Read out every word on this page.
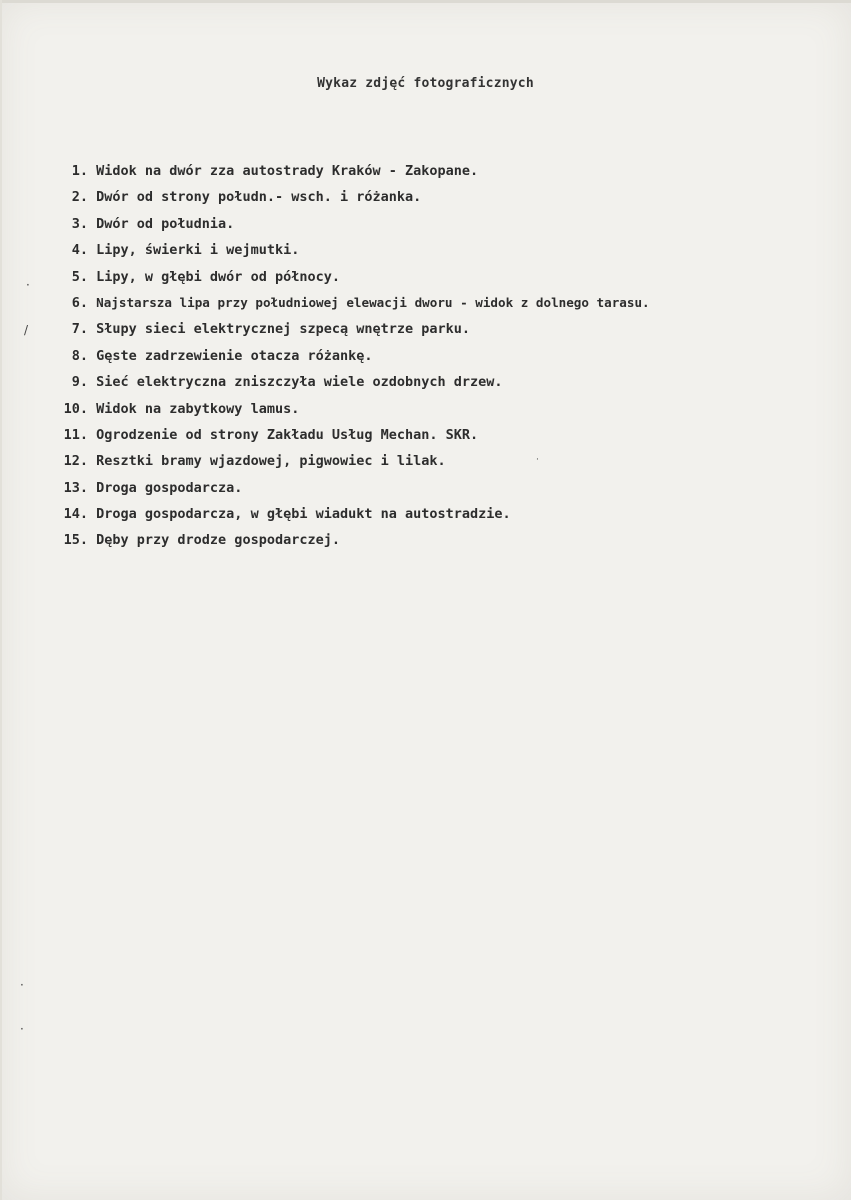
Wykaz zdjęć fotograficznych
1.
Widok na dwór zza autostrady Kraków - Zakopane.
2.
Dwór od strony połudn.- wsch. i różanka.
3.
Dwór od południa.
4.
Lipy, świerki i wejmutki.
5.
Lipy, w głębi dwór od północy.
6.
Najstarsza lipa przy południowej elewacji dworu - widok z dolnego tarasu.
7.
Słupy sieci elektrycznej szpecą wnętrze parku.
8.
Gęste zadrzewienie otacza różankę.
9.
Sieć elektryczna zniszczyła wiele ozdobnych drzew.
10.
Widok na zabytkowy lamus.
11.
Ogrodzenie od strony Zakładu Usług Mechan. SKR.
12.
Resztki bramy wjazdowej, pigwowiec i lilak.
13.
Droga gospodarcza.
14.
Droga gospodarcza, w głębi wiadukt na autostradzie.
15.
Dęby przy drodze gospodarczej.
·
/
·
·
·
